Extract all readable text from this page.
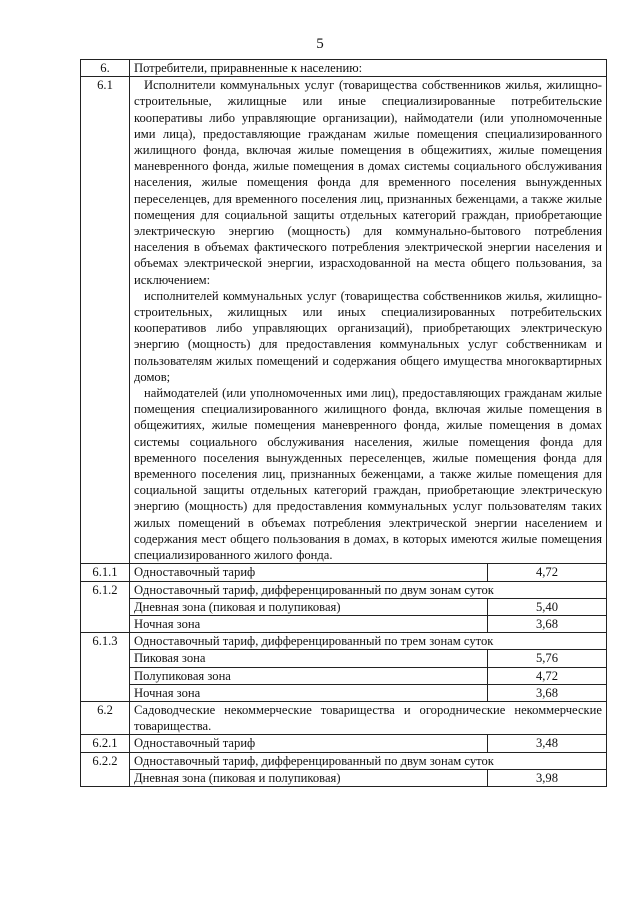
5
6.	Потребители, приравненные к населению:	
6.1	Исполнители коммунальных услуг (товарищества собственников жилья, жилищно-строительные, жилищные или иные специализированные потребительские кооперативы либо управляющие организации), наймодатели (или уполномоченные ими лица), предоставляющие гражданам жилые помещения специализированного жилищного фонда, включая жилые помещения в общежитиях, жилые помещения маневренного фонда, жилые помещения в домах системы социального обслуживания населения, жилые помещения фонда для временного поселения вынужденных переселенцев, для временного поселения лиц, признанных беженцами, а также жилые помещения для социальной защиты отдельных категорий граждан, приобретающие электрическую энергию (мощность) для коммунально-бытового потребления населения в объемах фактического потребления электрической энергии населения и объемах электрической энергии, израсходованной на места общего пользования, за исключением:

исполнителей коммунальных услуг (товарищества собственников жилья, жилищно-строительных, жилищных или иных специализированных потребительских кооперативов либо управляющих организаций), приобретающих электрическую энергию (мощность) для предоставления коммунальных услуг собственникам и пользователям жилых помещений и содержания общего имущества многоквартирных домов;

наймодателей (или уполномоченных ими лиц), предоставляющих гражданам жилые помещения специализированного жилищного фонда, включая жилые помещения в общежитиях, жилые помещения маневренного фонда, жилые помещения в домах системы социального обслуживания населения, жилые помещения фонда для временного поселения вынужденных переселенцев, жилые помещения фонда для временного поселения лиц, признанных беженцами, а также жилые помещения для социальной защиты отдельных категорий граждан, приобретающие электрическую энергию (мощность) для предоставления коммунальных услуг пользователям таких жилых помещений в объемах потребления электрической энергии населением и содержания мест общего пользования в домах, в которых имеются жилые помещения специализированного жилого фонда.	

6.1.1	Одноставочный тариф	4,72
6.1.2	Одноставочный тариф, дифференцированный по двум зонам суток	
	Дневная зона (пиковая и полупиковая)	5,40
	Ночная зона	3,68
6.1.3	Одноставочный тариф, дифференцированный по трем зонам суток	
	Пиковая зона	5,76
	Полупиковая зона	4,72
	Ночная зона	3,68
6.2	Садоводческие некоммерческие товарищества и огороднические некоммерческие товарищества.	
6.2.1	Одноставочный тариф	3,48
6.2.2	Одноставочный тариф, дифференцированный по двум зонам суток	
	Дневная зона (пиковая и полупиковая)	3,98
